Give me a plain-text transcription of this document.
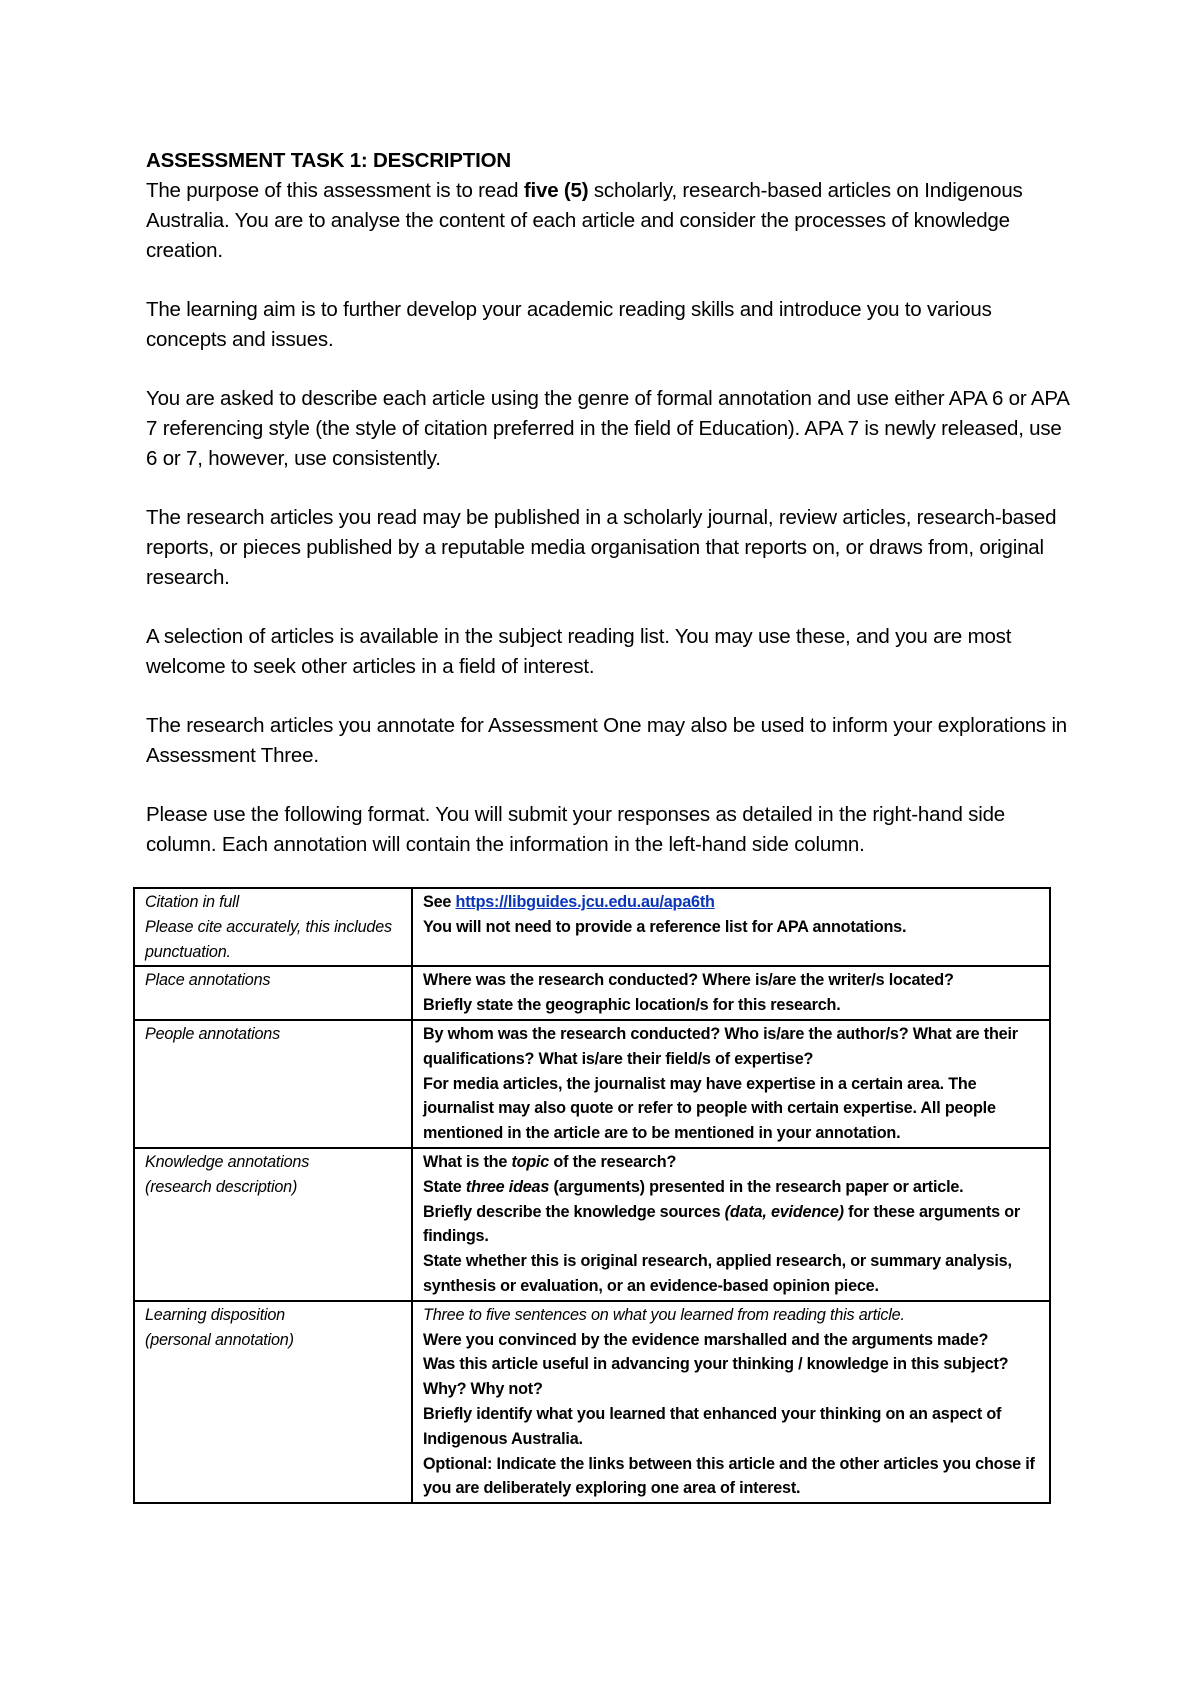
ASSESSMENT TASK 1: DESCRIPTION

The purpose of this assessment is to read five (5) scholarly, research-based articles on Indigenous Australia. You are to analyse the content of each article and consider the processes of knowledge creation.

The learning aim is to further develop your academic reading skills and introduce you to various concepts and issues.

You are asked to describe each article using the genre of formal annotation and use either APA 6 or APA 7 referencing style (the style of citation preferred in the field of Education). APA 7 is newly released, use 6 or 7, however, use consistently.

The research articles you read may be published in a scholarly journal, review articles, research-based reports, or pieces published by a reputable media organisation that reports on, or draws from, original research.

A selection of articles is available in the subject reading list. You may use these, and you are most welcome to seek other articles in a field of interest.

The research articles you annotate for Assessment One may also be used to inform your explorations in Assessment Three.

Please use the following format. You will submit your responses as detailed in the right-hand side column. Each annotation will contain the information in the left-hand side column.

Citation in full
Please cite accurately, this includes punctuation.	See https://libguides.jcu.edu.au/apa6th
You will not need to provide a reference list for APA annotations.

Place annotations	Where was the research conducted? Where is/are the writer/s located?
Briefly state the geographic location/s for this research.

People annotations	By whom was the research conducted? Who is/are the author/s? What are their qualifications? What is/are their field/s of expertise?
For media articles, the journalist may have expertise in a certain area. The journalist may also quote or refer to people with certain expertise. All people mentioned in the article are to be mentioned in your annotation.

Knowledge annotations
(research description)	What is the topic of the research?
State three ideas (arguments) presented in the research paper or article.
Briefly describe the knowledge sources (data, evidence) for these arguments or findings.
State whether this is original research, applied research, or summary analysis, synthesis or evaluation, or an evidence-based opinion piece.

Learning disposition
(personal annotation)	Three to five sentences on what you learned from reading this article.
Were you convinced by the evidence marshalled and the arguments made?
Was this article useful in advancing your thinking / knowledge in this subject? Why? Why not?
Briefly identify what you learned that enhanced your thinking on an aspect of Indigenous Australia.
Optional: Indicate the links between this article and the other articles you chose if you are deliberately exploring one area of interest.
